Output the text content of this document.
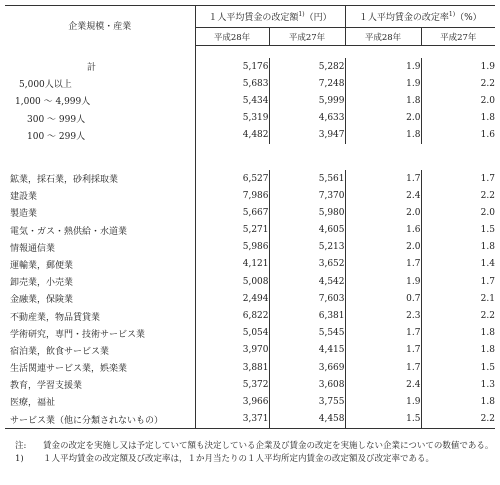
企業規模・産業	１人平均賃金の改定額$^{1)}$（円）		１人平均賃金の改定率$^{1)}$（%）	
	平成28年	平成27年	平成28年	平成27年

計	5,176	5,282	1.9	1.9
5,000人以上	5,683	7,248	1.9	2.2
1,000 ～ 4,999人	5,434	5,999	1.8	2.0
300 ～ 999人	5,319	4,633	2.0	1.8
100 ～ 299人	4,482	3,947	1.8	1.6

鉱業，採石業，砂利採取業	6,527	5,561	1.7	1.7
建設業	7,986	7,370	2.4	2.2
製造業	5,667	5,980	2.0	2.0
電気・ガス・熱供給・水道業	5,271	4,605	1.6	1.5
情報通信業	5,986	5,213	2.0	1.8
運輸業，郵便業	4,121	3,652	1.7	1.4
卸売業，小売業	5,008	4,542	1.9	1.7
金融業，保険業	2,494	7,603	0.7	2.1
不動産業，物品賃貸業	6,822	6,381	2.3	2.2
学術研究，専門・技術サービス業	5,054	5,545	1.7	1.8
宿泊業，飲食サービス業	3,970	4,415	1.7	1.8
生活関連サービス業，娯楽業	3,881	3,669	1.7	1.5
教育，学習支援業	5,372	3,608	2.4	1.3
医療，福祉	3,966	3,755	1.9	1.8
サービス業（他に分類されないもの）	3,371	4,458	1.5	2.2
注:	賃金の改定を実施し又は予定していて額も決定している企業及び賃金の改定を実施しない企業についての数値である。
1)	１人平均賃金の改定額及び改定率は，１か月当たりの１人平均所定内賃金の改定額及び改定率である。
